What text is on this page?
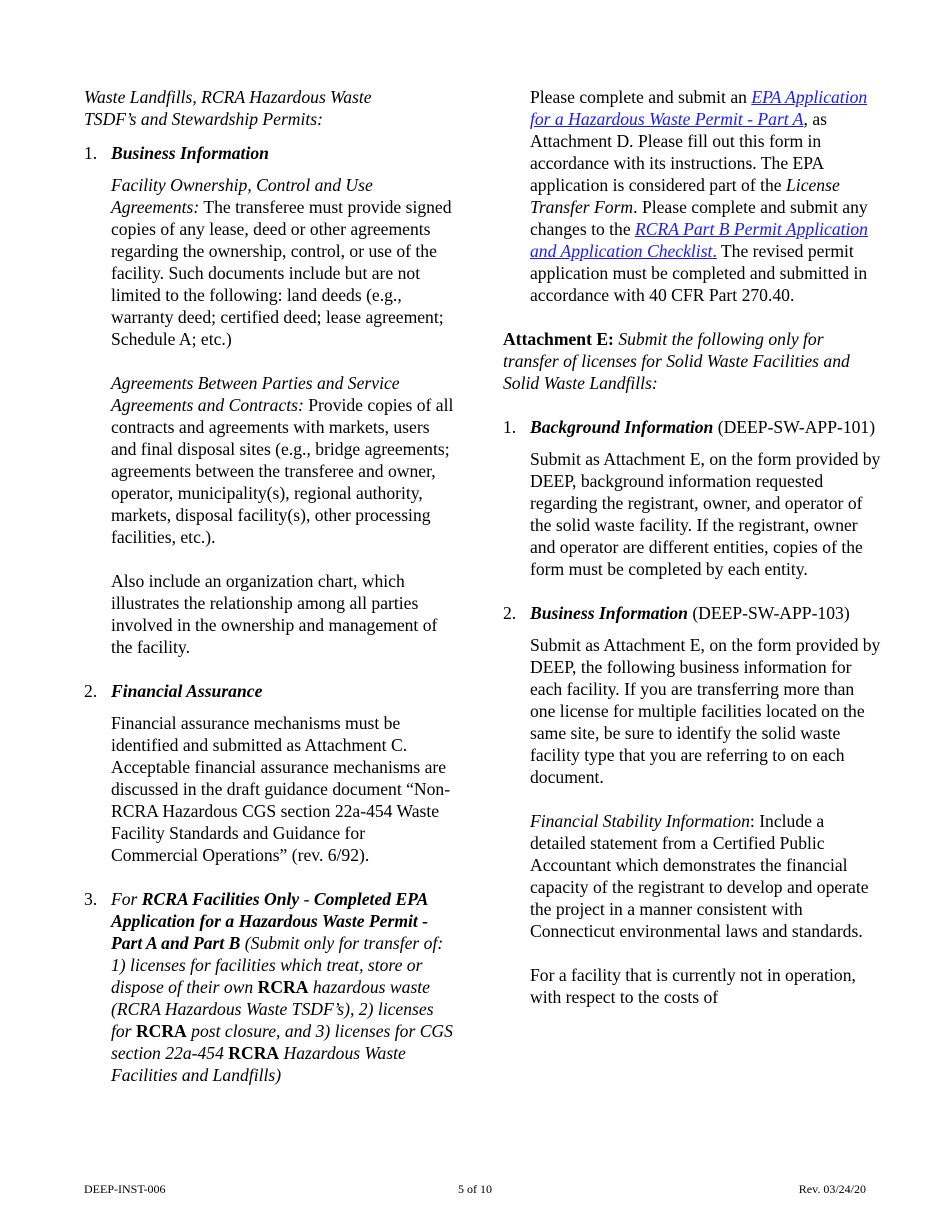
Waste Landfills, RCRA Hazardous Waste TSDF’s and Stewardship Permits:

1. Business Information

Facility Ownership, Control and Use Agreements: The transferee must provide signed copies of any lease, deed or other agreements regarding the ownership, control, or use of the facility. Such documents include but are not limited to the following: land deeds (e.g., warranty deed; certified deed; lease agreement; Schedule A; etc.)

Agreements Between Parties and Service Agreements and Contracts: Provide copies of all contracts and agreements with markets, users and final disposal sites (e.g., bridge agreements; agreements between the transferee and owner, operator, municipality(s), regional authority, markets, disposal facility(s), other processing facilities, etc.).

Also include an organization chart, which illustrates the relationship among all parties involved in the ownership and management of the facility.

2. Financial Assurance

Financial assurance mechanisms must be identified and submitted as Attachment C. Acceptable financial assurance mechanisms are discussed in the draft guidance document “Non-RCRA Hazardous CGS section 22a-454 Waste Facility Standards and Guidance for Commercial Operations” (rev. 6/92).

3. For RCRA Facilities Only - Completed EPA Application for a Hazardous Waste Permit - Part A and Part B (Submit only for transfer of: 1) licenses for facilities which treat, store or dispose of their own RCRA hazardous waste (RCRA Hazardous Waste TSDF’s), 2) licenses for RCRA post closure, and 3) licenses for CGS section 22a-454 RCRA Hazardous Waste Facilities and Landfills)

Please complete and submit an EPA Application for a Hazardous Waste Permit - Part A, as Attachment D. Please fill out this form in accordance with its instructions. The EPA application is considered part of the License Transfer Form. Please complete and submit any changes to the RCRA Part B Permit Application and Application Checklist. The revised permit application must be completed and submitted in accordance with 40 CFR Part 270.40.

Attachment E: Submit the following only for transfer of licenses for Solid Waste Facilities and Solid Waste Landfills:

1. Background Information (DEEP-SW-APP-101)

Submit as Attachment E, on the form provided by DEEP, background information requested regarding the registrant, owner, and operator of the solid waste facility. If the registrant, owner and operator are different entities, copies of the form must be completed by each entity.

2. Business Information (DEEP-SW-APP-103)

Submit as Attachment E, on the form provided by DEEP, the following business information for each facility. If you are transferring more than one license for multiple facilities located on the same site, be sure to identify the solid waste facility type that you are referring to on each document.

Financial Stability Information: Include a detailed statement from a Certified Public Accountant which demonstrates the financial capacity of the registrant to develop and operate the project in a manner consistent with Connecticut environmental laws and standards.

For a facility that is currently not in operation, with respect to the costs of

DEEP-INST-006	5 of 10	Rev. 03/24/20
